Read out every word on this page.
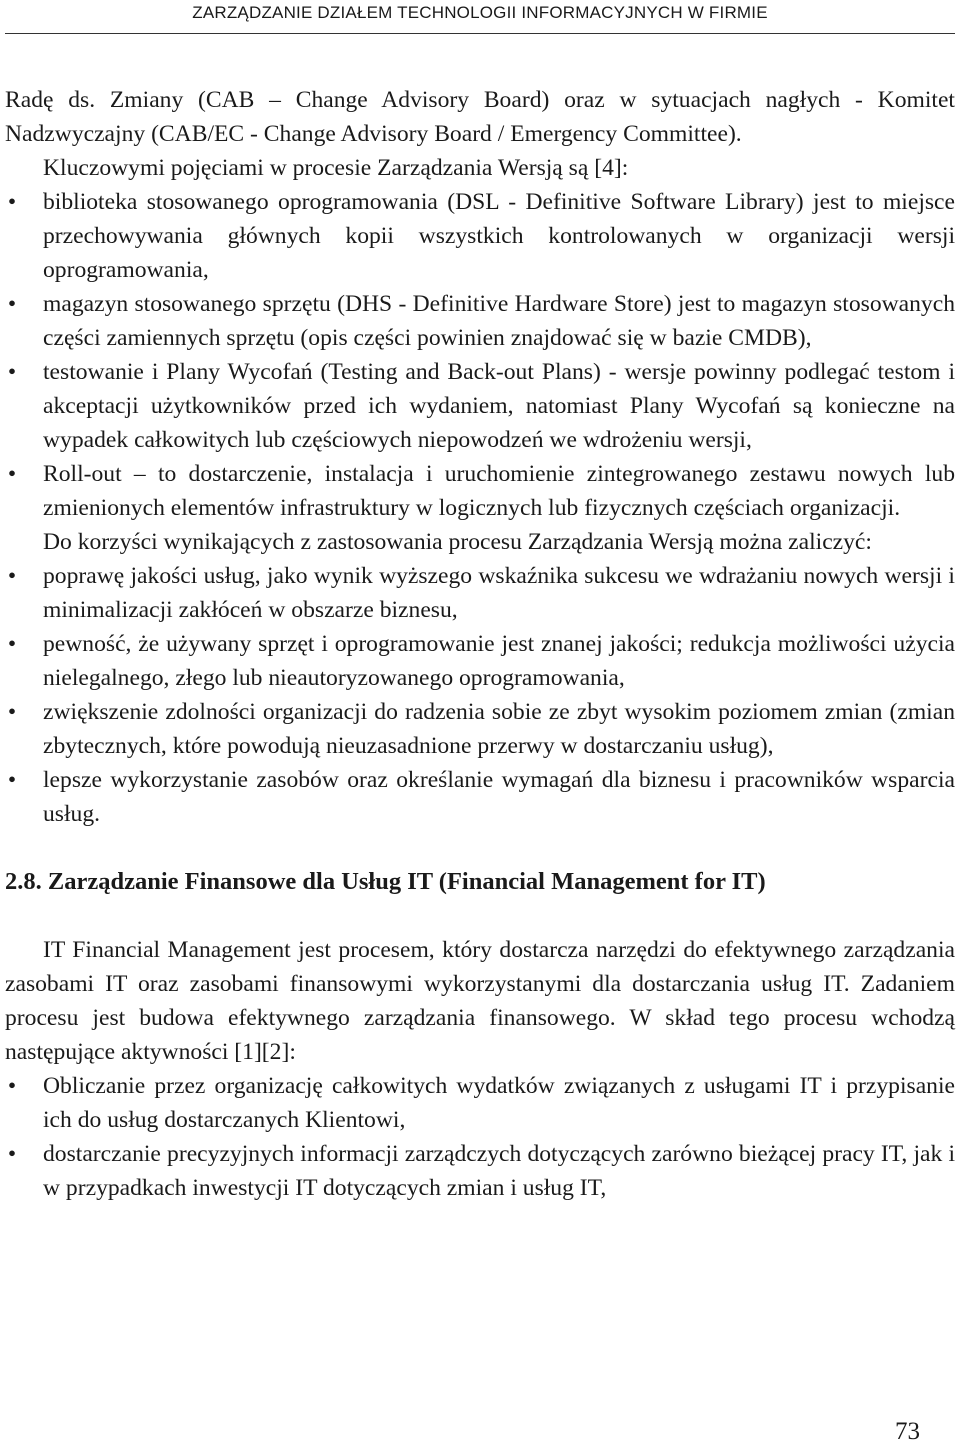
ZARZĄDZANIE DZIAŁEM TECHNOLOGII INFORMACYJNYCH W FIRMIE

Radę ds. Zmiany (CAB – Change Advisory Board) oraz w sytuacjach nagłych - Komitet Nadzwyczajny (CAB/EC - Change Advisory Board / Emergency Committee).

Kluczowymi pojęciami w procesie Zarządzania Wersją są [4]:

• biblioteka stosowanego oprogramowania (DSL - Definitive Software Library) jest to miejsce przechowywania głównych kopii wszystkich kontrolowanych w organizacji wersji oprogramowania,
• magazyn stosowanego sprzętu (DHS - Definitive Hardware Store) jest to magazyn stosowanych części zamiennych sprzętu (opis części powinien znajdować się w bazie CMDB),
• testowanie i Plany Wycofań (Testing and Back-out Plans) - wersje powinny podlegać testom i akceptacji użytkowników przed ich wydaniem, natomiast Plany Wycofań są konieczne na wypadek całkowitych lub częściowych niepowodzeń we wdrożeniu wersji,
• Roll-out – to dostarczenie, instalacja i uruchomienie zintegrowanego zestawu nowych lub zmienionych elementów infrastruktury w logicznych lub fizycznych częściach organizacji.

Do korzyści wynikających z zastosowania procesu Zarządzania Wersją można zaliczyć:

• poprawę jakości usług, jako wynik wyższego wskaźnika sukcesu we wdrażaniu nowych wersji i minimalizacji zakłóceń w obszarze biznesu,
• pewność, że używany sprzęt i oprogramowanie jest znanej jakości; redukcja możliwości użycia nielegalnego, złego lub nieautoryzowanego oprogramowania,
• zwiększenie zdolności organizacji do radzenia sobie ze zbyt wysokim poziomem zmian (zmian zbytecznych, które powodują nieuzasadnione przerwy w dostarczaniu usług),
• lepsze wykorzystanie zasobów oraz określanie wymagań dla biznesu i pracowników wsparcia usług.
2.8. Zarządzanie Finansowe dla Usług IT (Financial Management for IT)

IT Financial Management jest procesem, który dostarcza narzędzi do efektywnego zarządzania zasobami IT oraz zasobami finansowymi wykorzystanymi dla dostarczania usług IT. Zadaniem procesu jest budowa efektywnego zarządzania finansowego. W skład tego procesu wchodzą następujące aktywności [1][2]:

• Obliczanie przez organizację całkowitych wydatków związanych z usługami IT i przypisanie ich do usług dostarczanych Klientowi,
• dostarczanie precyzyjnych informacji zarządczych dotyczących zarówno bieżącej pracy IT, jak i w przypadkach inwestycji IT dotyczących zmian i usług IT,
73
